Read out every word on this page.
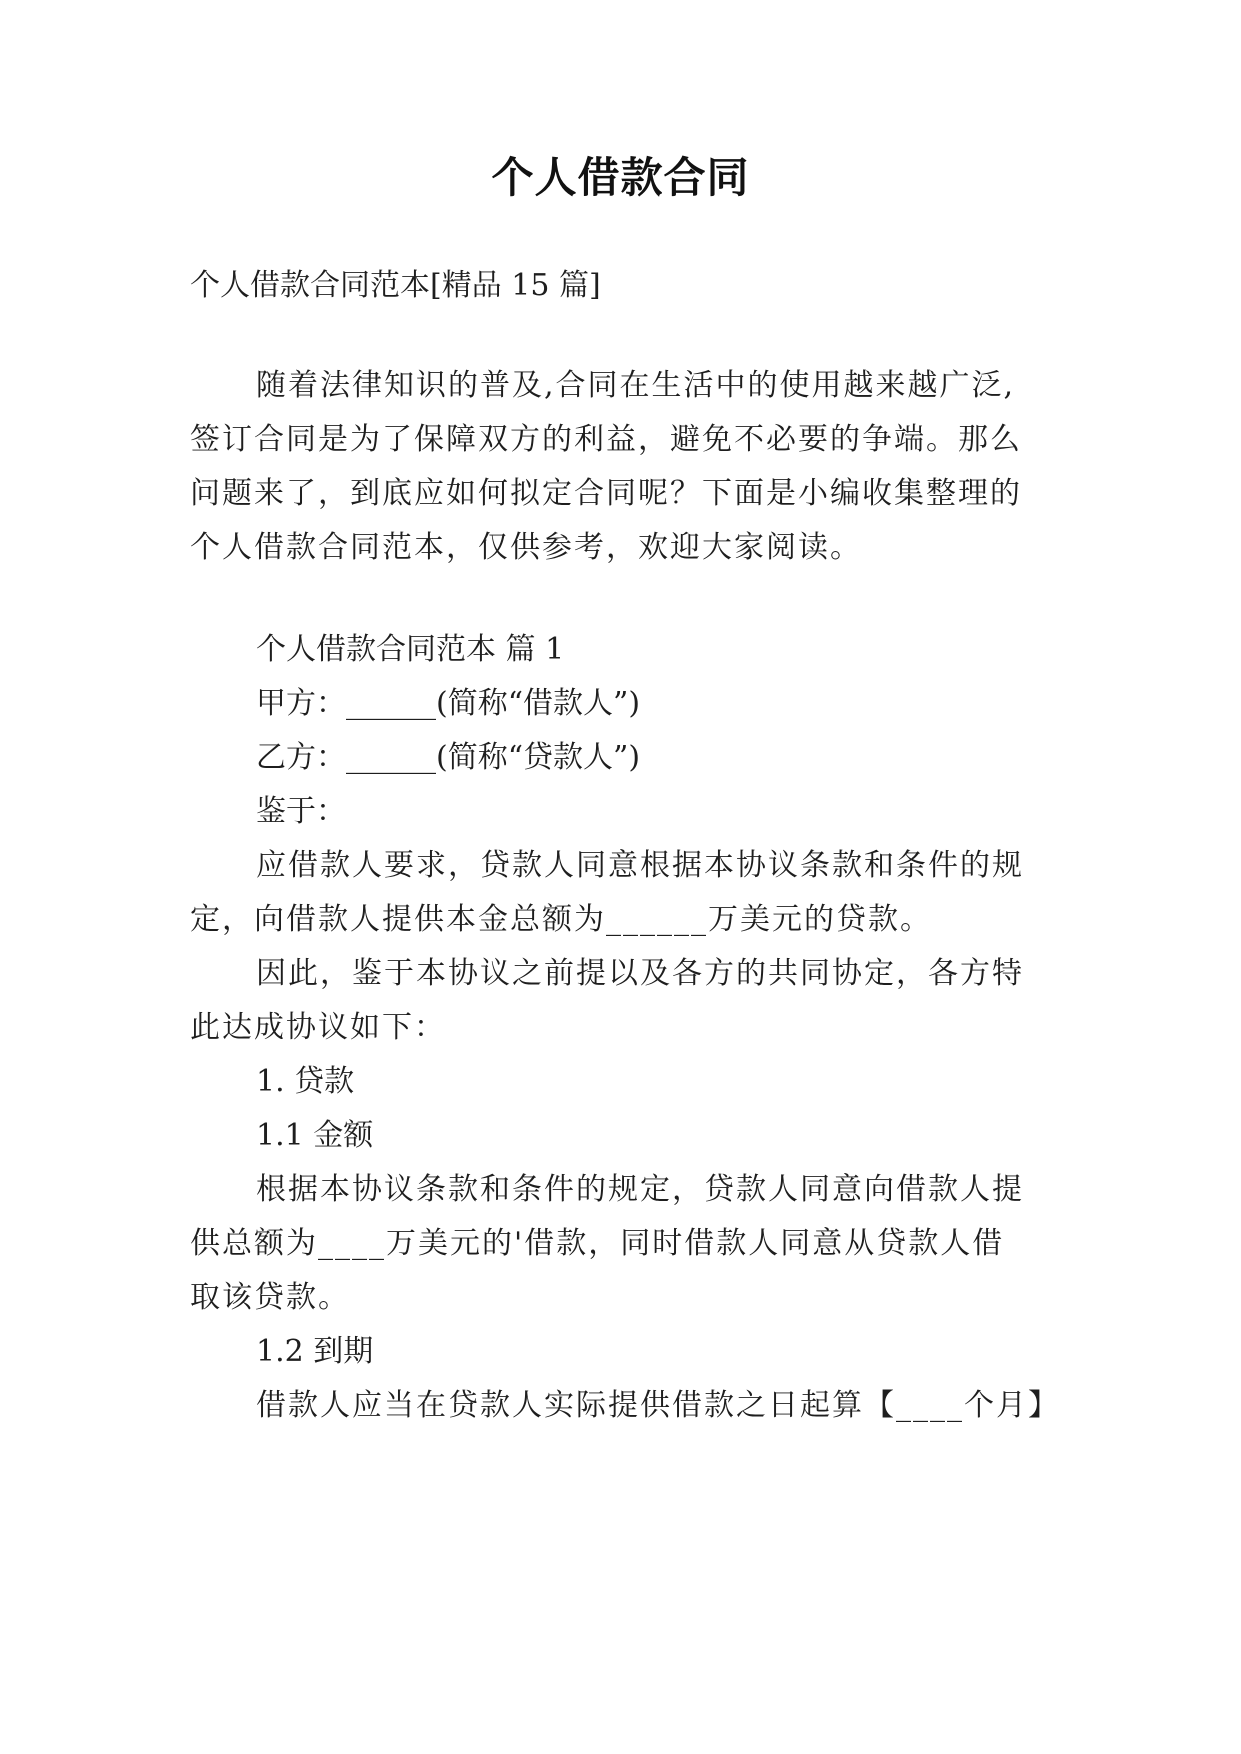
个人借款合同
个人借款合同范本[精品 15 篇]
随着法律知识的普及,合同在生活中的使用越来越广泛,
签订合同是为了保障双方的利益，避免不必要的争端。那么
问题来了，到底应如何拟定合同呢？下面是小编收集整理的
个人借款合同范本，仅供参考，欢迎大家阅读。
个人借款合同范本 篇 1
甲方：______(简称“借款人”)
乙方：______(简称“贷款人”)
鉴于：
应借款人要求，贷款人同意根据本协议条款和条件的规
定，向借款人提供本金总额为______万美元的贷款。
因此，鉴于本协议之前提以及各方的共同协定，各方特
此达成协议如下：
1. 贷款
1.1 金额
根据本协议条款和条件的规定，贷款人同意向借款人提
供总额为____万美元的'借款，同时借款人同意从贷款人借
取该贷款。
1.2 到期
借款人应当在贷款人实际提供借款之日起算【____个月】
